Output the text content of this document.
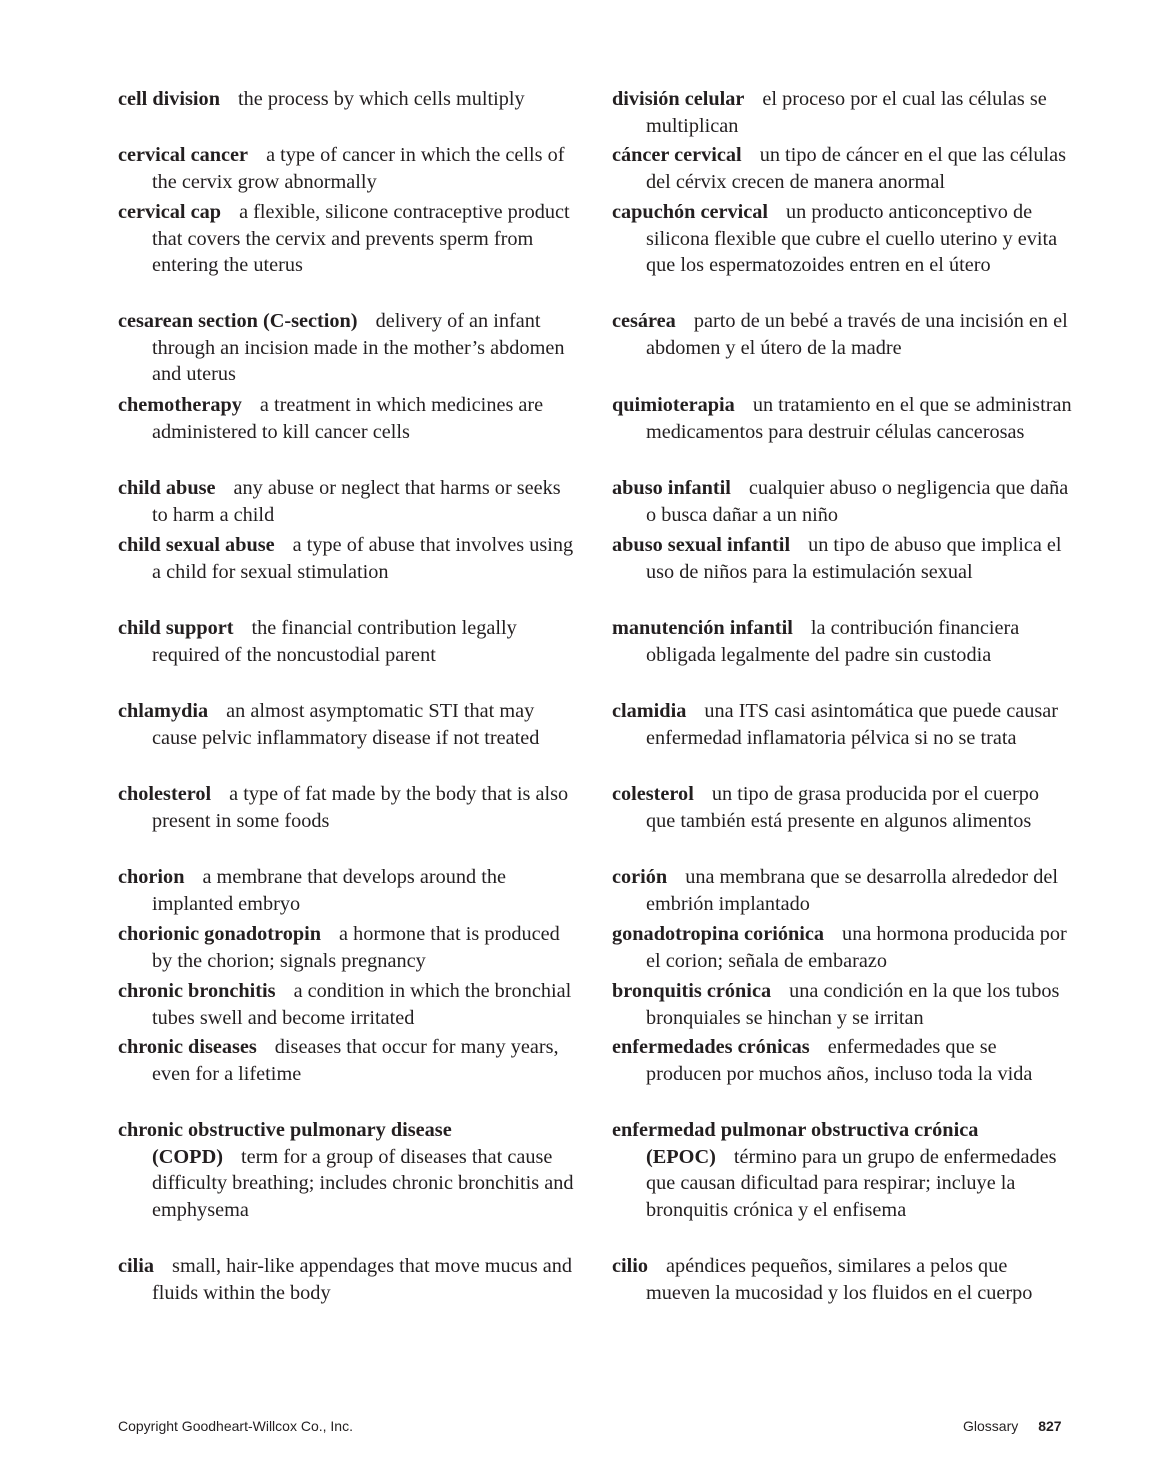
cell division the process by which cells multiply	división celular el proceso por el cual las células se multiplican
cervical cancer a type of cancer in which the cells of the cervix grow abnormally
cáncer cervical un tipo de cáncer en el que las células del cérvix crecen de manera anormal
cervical cap a flexible, silicone contraceptive product that covers the cervix and prevents sperm from entering the uterus
capuchón cervical un producto anticonceptivo de silicona flexible que cubre el cuello uterino y evita que los espermatozoides entren en el útero
cesarean section (C-section) delivery of an infant through an incision made in the mother’s abdomen and uterus
cesárea parto de un bebé a través de una incisión en el abdomen y el útero de la madre
chemotherapy a treatment in which medicines are administered to kill cancer cells
quimioterapia un tratamiento en el que se administran medicamentos para destruir células cancerosas
child abuse any abuse or neglect that harms or seeks to harm a child
abuso infantil cualquier abuso o negligencia que daña o busca dañar a un niño
child sexual abuse a type of abuse that involves using a child for sexual stimulation
abuso sexual infantil un tipo de abuso que implica el uso de niños para la estimulación sexual
child support the financial contribution legally required of the noncustodial parent
manutención infantil la contribución financiera obligada legalmente del padre sin custodia
chlamydia an almost asymptomatic STI that may cause pelvic inflammatory disease if not treated
clamidia una ITS casi asintomática que puede causar enfermedad inflamatoria pélvica si no se trata
cholesterol a type of fat made by the body that is also present in some foods
colesterol un tipo de grasa producida por el cuerpo que también está presente en algunos alimentos
chorion a membrane that develops around the implanted embryo
corión una membrana que se desarrolla alrededor del embrión implantado
chorionic gonadotropin a hormone that is produced by the chorion; signals pregnancy
gonadotropina coriónica una hormona producida por el corion; señala de embarazo
chronic bronchitis a condition in which the bronchial tubes swell and become irritated
bronquitis crónica una condición en la que los tubos bronquiales se hinchan y se irritan
chronic diseases diseases that occur for many years, even for a lifetime
enfermedades crónicas enfermedades que se producen por muchos años, incluso toda la vida
chronic obstructive pulmonary disease (COPD) term for a group of diseases that cause difficulty breathing; includes chronic bronchitis and emphysema
enfermedad pulmonar obstructiva crónica (EPOC) término para un grupo de enfermedades que causan dificultad para respirar; incluye la bronquitis crónica y el enfisema
cilia small, hair-like appendages that move mucus and fluids within the body
cilio apéndices pequeños, similares a pelos que mueven la mucosidad y los fluidos en el cuerpo
Copyright Goodheart-Willcox Co., Inc.	Glossary 827
